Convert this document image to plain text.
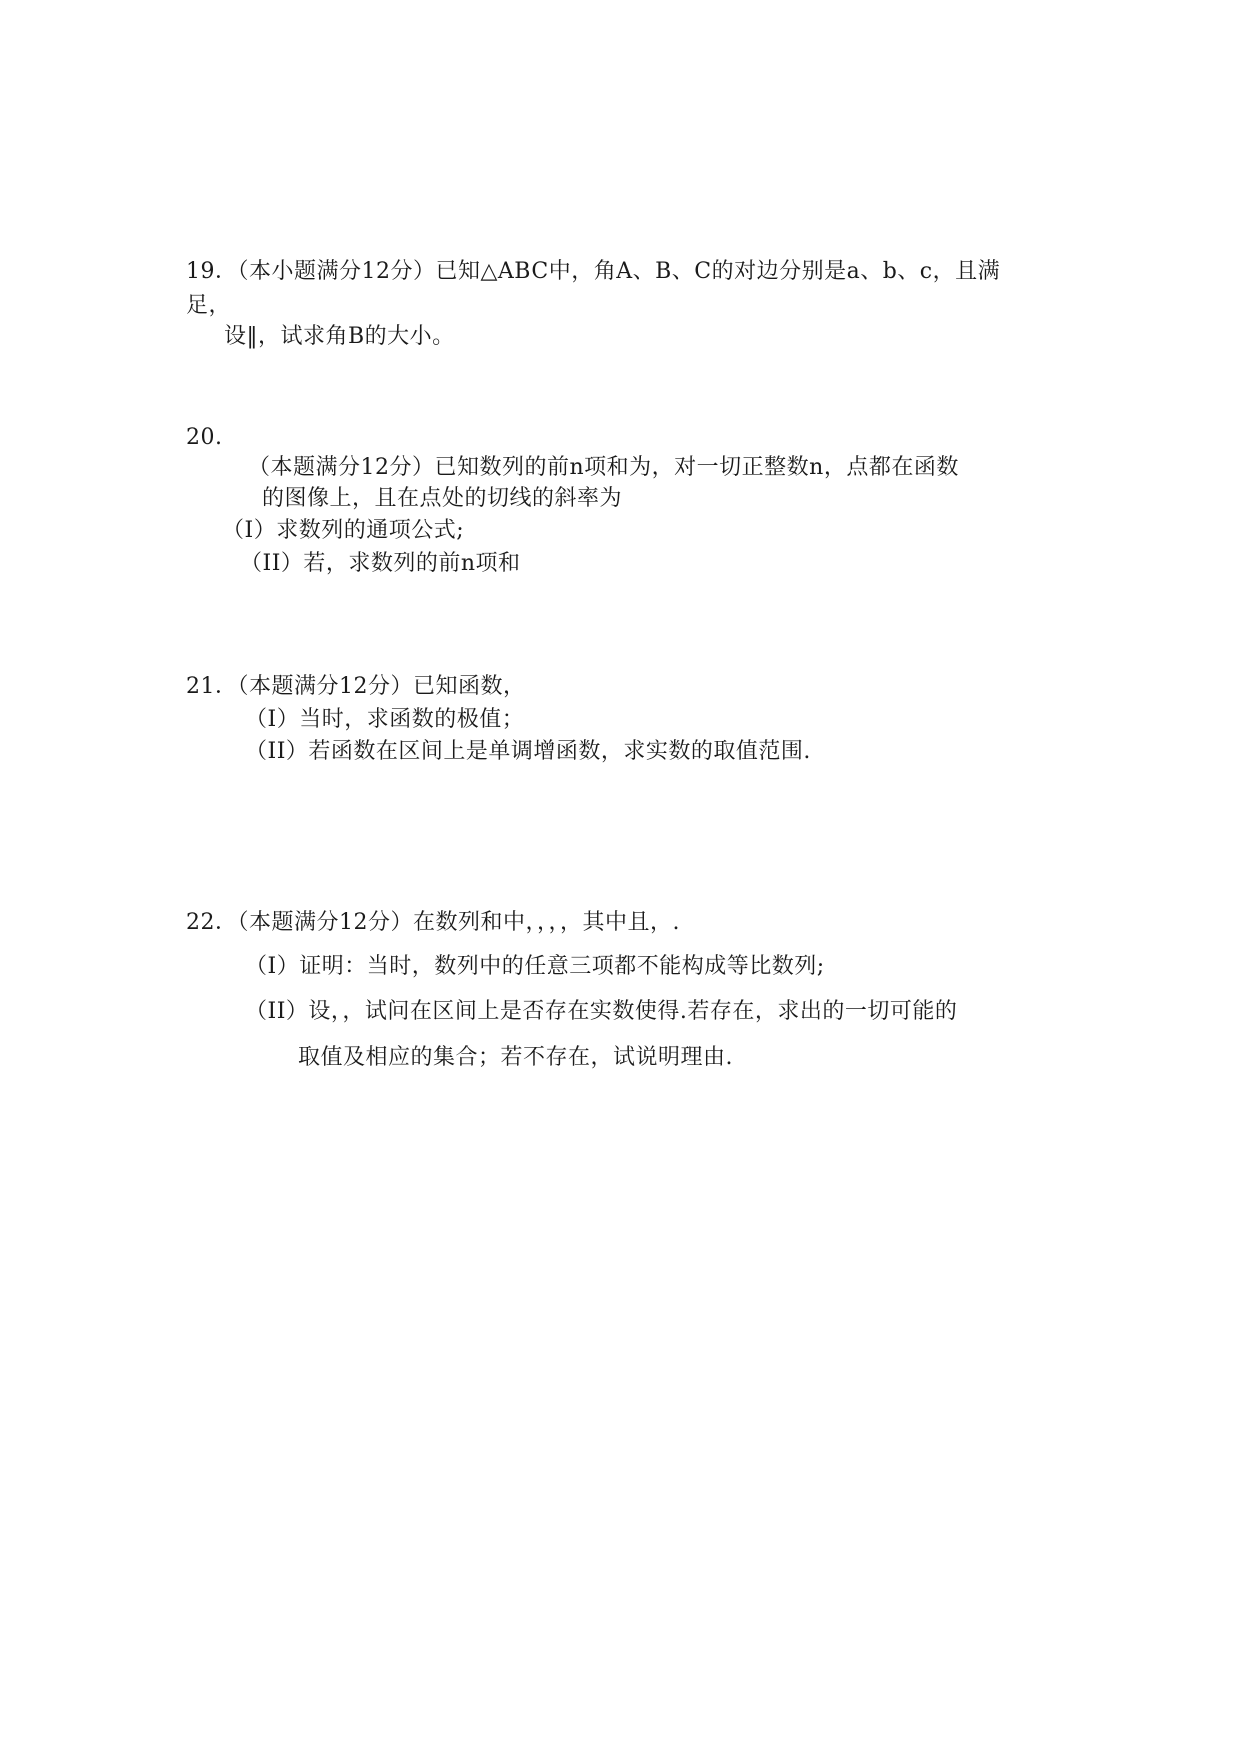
19．（本小题满分12分）已知△ABC中，角A、B、C的对边分别是a、b、c，且满
足，
设‖，试求角B的大小。
20.
（本题满分12分）已知数列的前n项和为，对一切正整数n，点都在函数
的图像上，且在点处的切线的斜率为
（I）求数列的通项公式;
（II）若，求数列的前n项和
21．（本题满分12分）已知函数，
（I）当时，求函数的极值；
（II）若函数在区间上是单调增函数，求实数的取值范围.
22．（本题满分12分）在数列和中，，，，其中且，.
（Ⅰ）证明：当时，数列中的任意三项都不能构成等比数列;
（II）设，，试问在区间上是否存在实数使得.若存在，求出的一切可能的
取值及相应的集合；若不存在，试说明理由.
